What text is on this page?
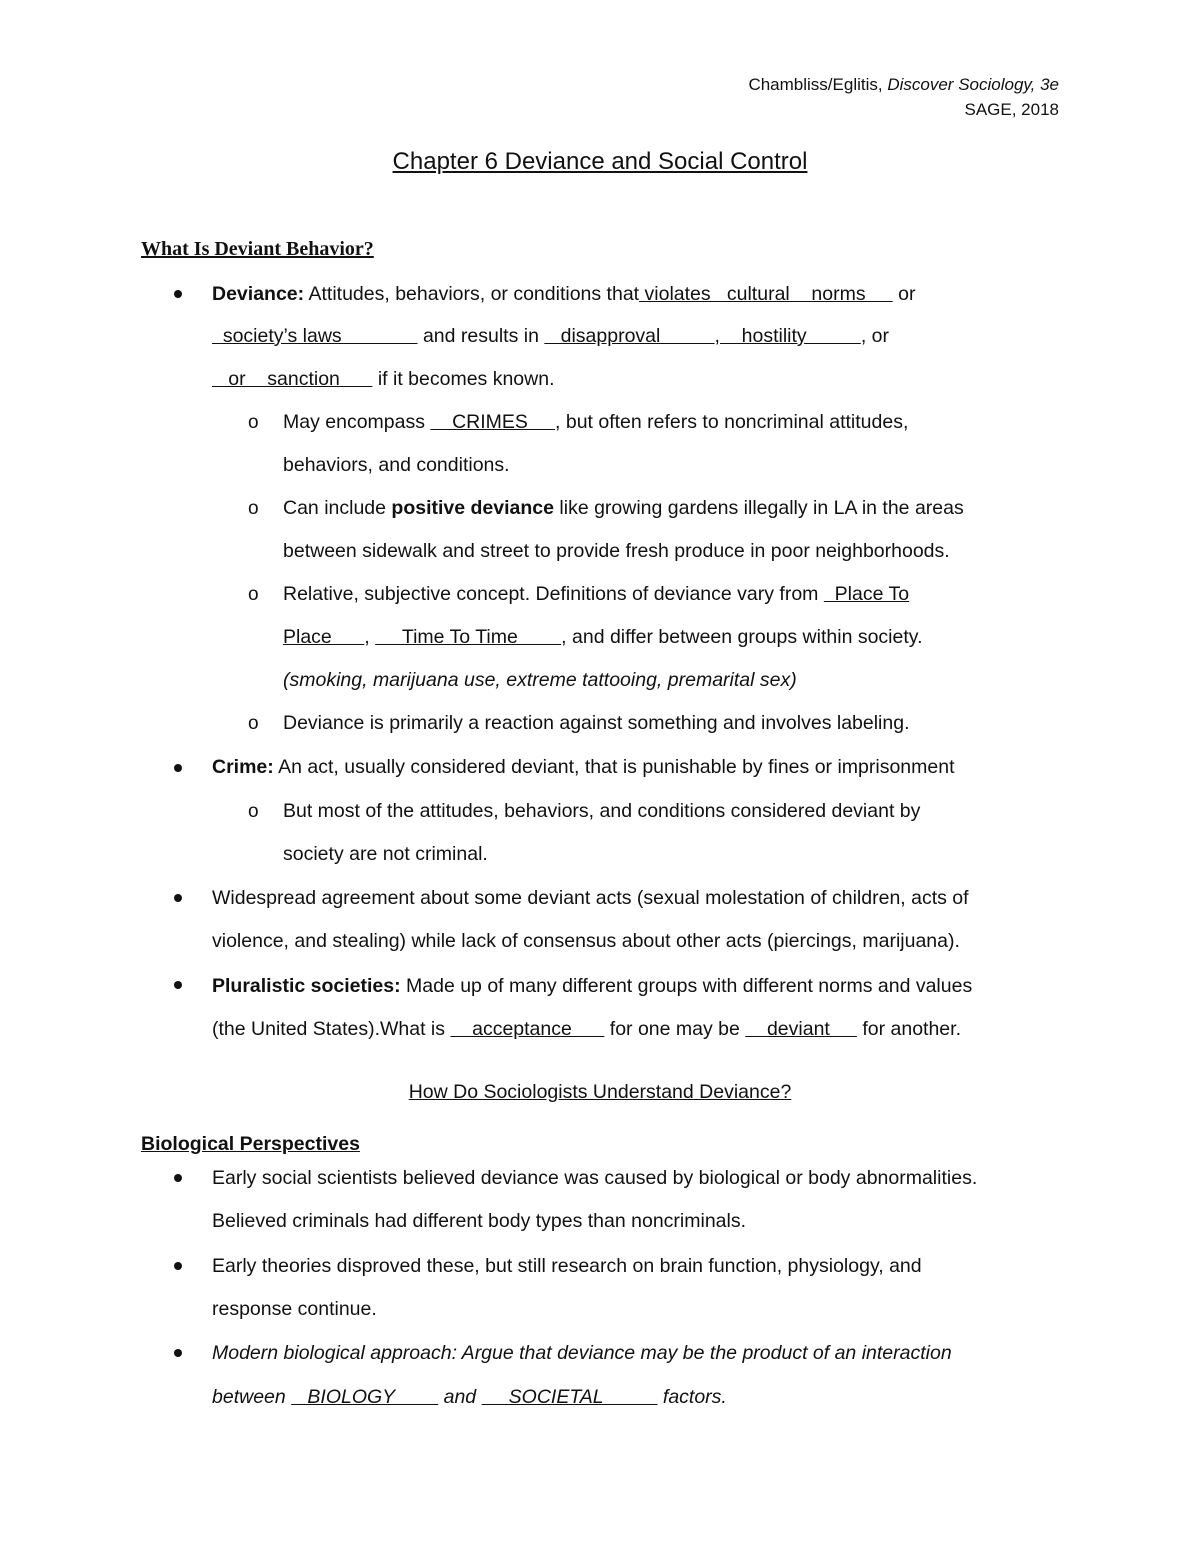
Chambliss/Eglitis, Discover Sociology, 3e
SAGE, 2018
Chapter 6 Deviance and Social Control
What Is Deviant Behavior?
Deviance: Attitudes, behaviors, or conditions that violates   cultural    norms      or
society’s laws               and results in    disapproval          ,    hostility          , or
or    sanction       if it becomes known.
o May encompass     CRIMES     , but often refers to noncriminal attitudes,
behaviors, and conditions.
o Can include positive deviance like growing gardens illegally in LA in the areas
between sidewalk and street to provide fresh produce in poor neighborhoods.
o Relative, subjective concept. Definitions of deviance vary from   Place To
Place      ,      Time To Time        , and differ between groups within society.
(smoking, marijuana use, extreme tattooing, premarital sex)
o Deviance is primarily a reaction against something and involves labeling.
Crime: An act, usually considered deviant, that is punishable by fines or imprisonment
o But most of the attitudes, behaviors, and conditions considered deviant by
society are not criminal.
Widespread agreement about some deviant acts (sexual molestation of children, acts of
violence, and stealing) while lack of consensus about other acts (piercings, marijuana).
Pluralistic societies: Made up of many different groups with different norms and values
(the United States).What is     acceptance       for one may be     deviant      for another.
How Do Sociologists Understand Deviance?
Biological Perspectives
Early social scientists believed deviance was caused by biological or body abnormalities.
Believed criminals had different body types than noncriminals.
Early theories disproved these, but still research on brain function, physiology, and
response continue.
Modern biological approach: Argue that deviance may be the product of an interaction
between    BIOLOGY         and      SOCIETAL           factors.
